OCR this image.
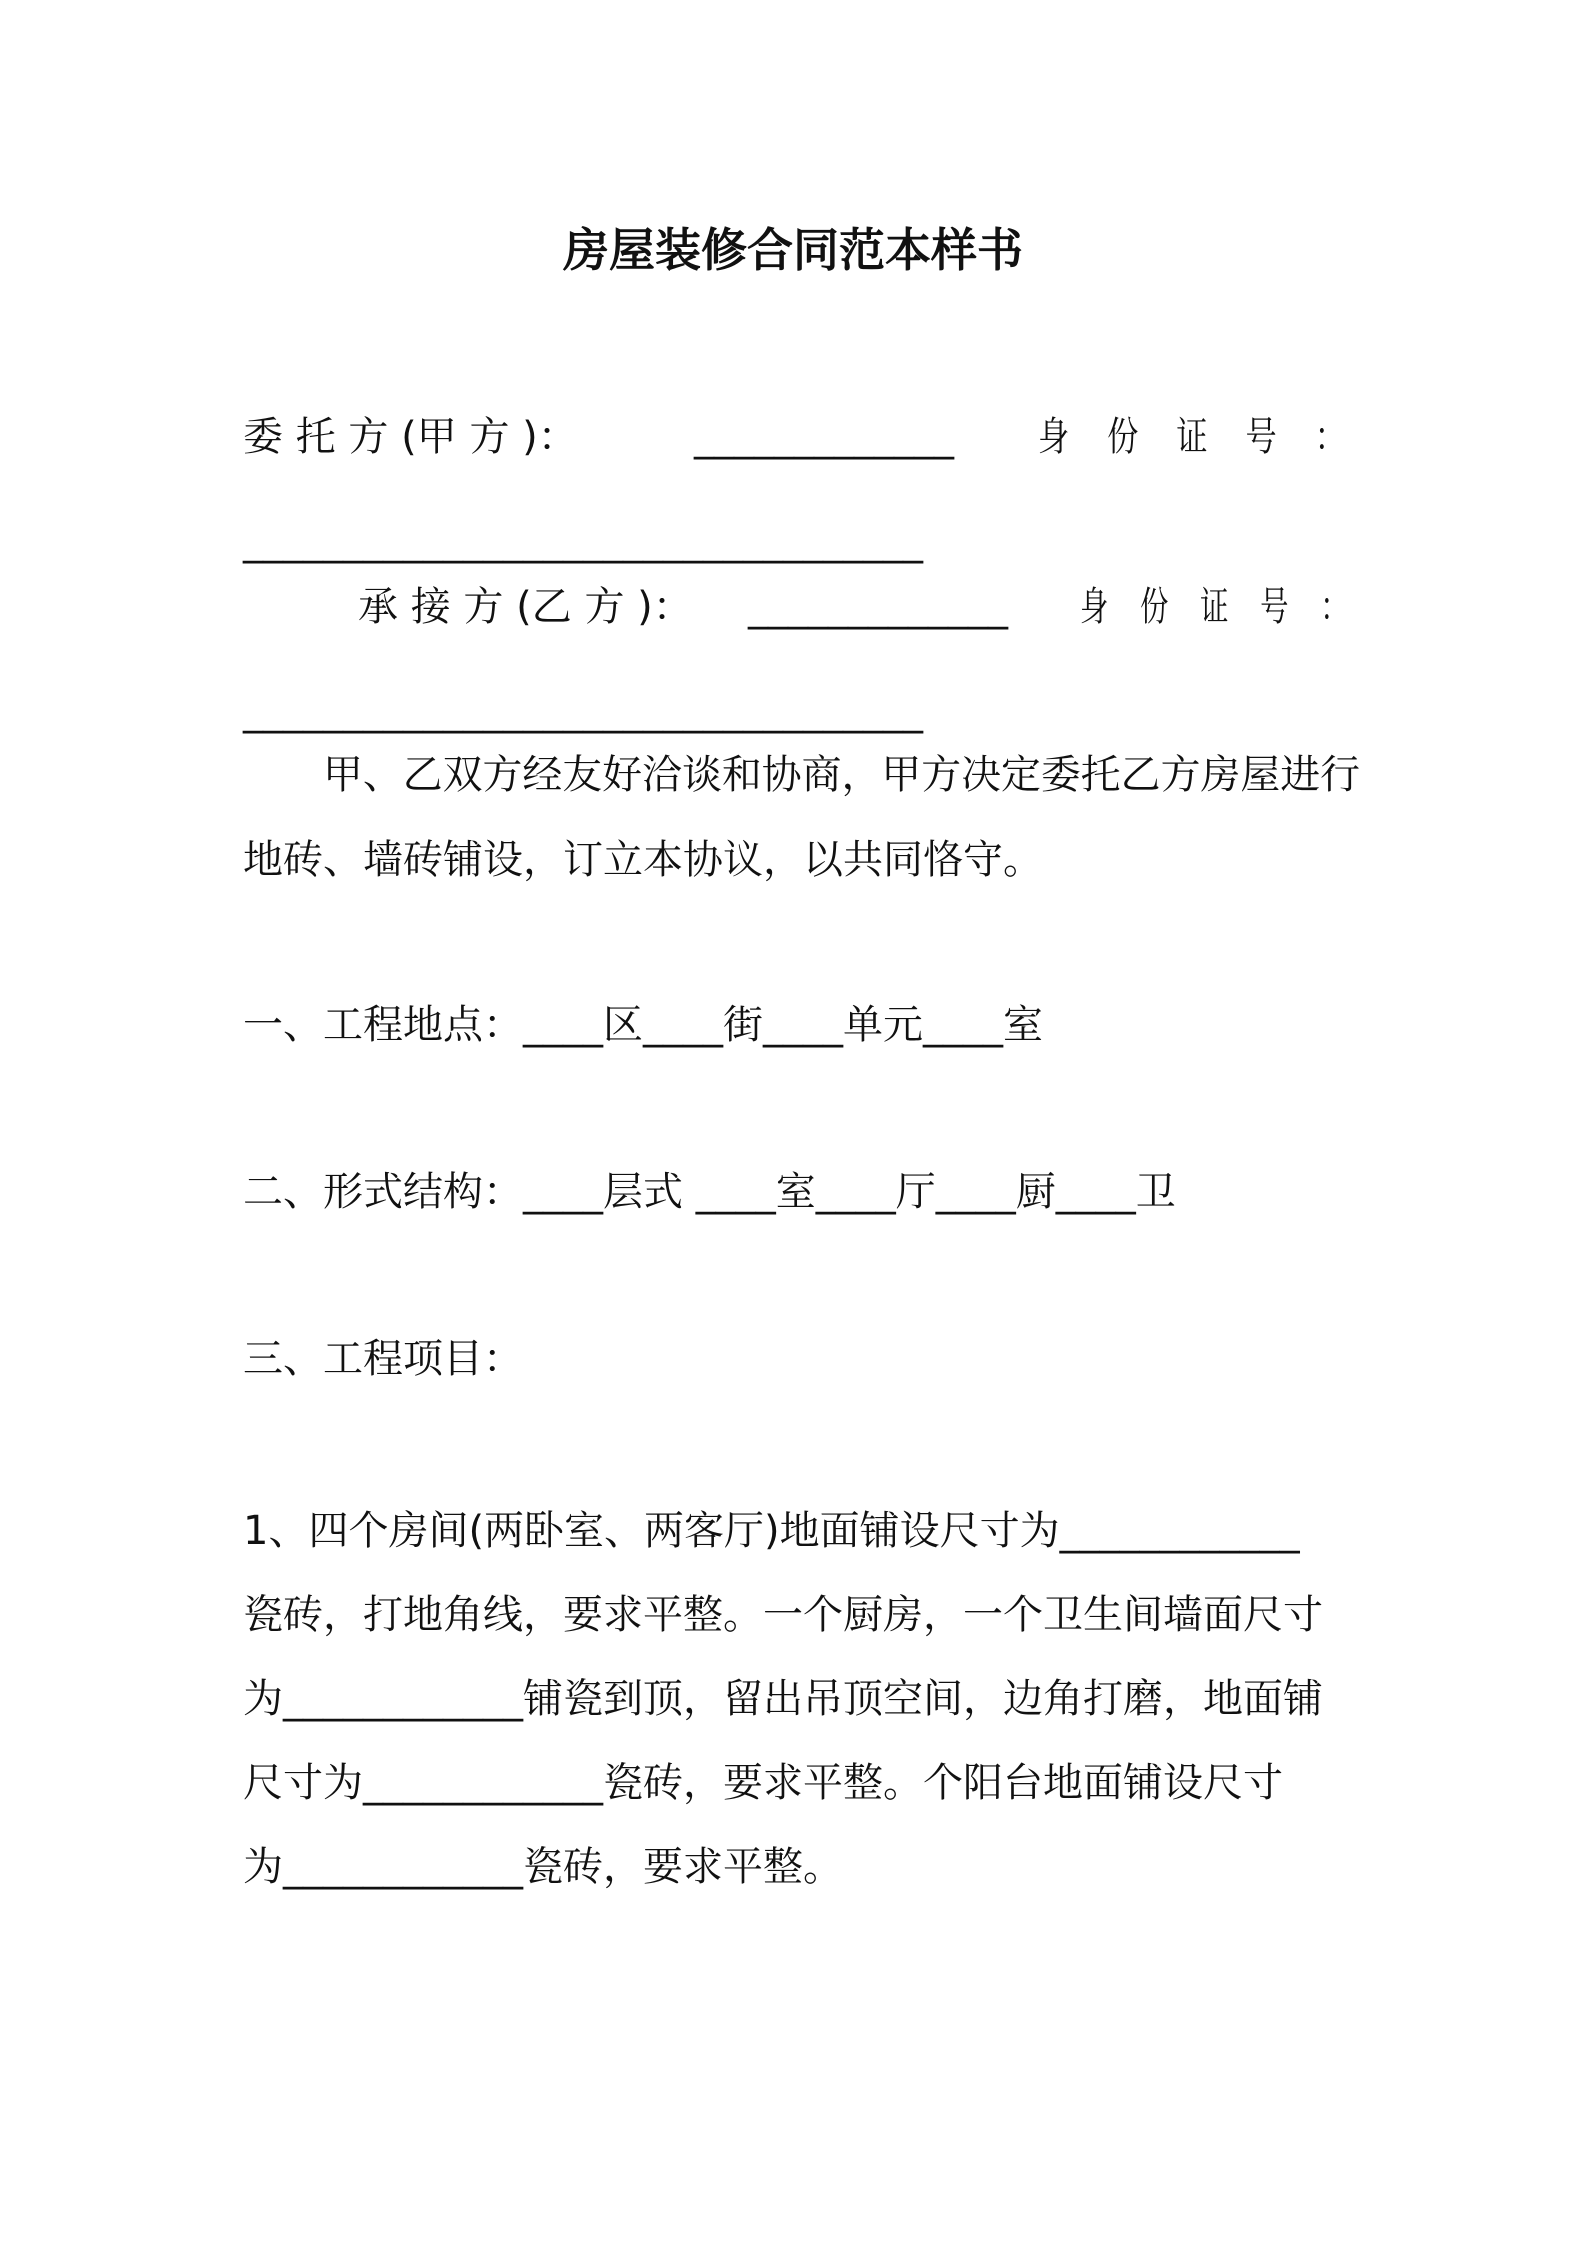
房屋装修合同范本样书
委 托 方 (甲 方 )：	_____________ 身 份 证 号 ：
__________________________________
承 接 方 (乙 方 )： _____________ 身 份 证 号 ：
__________________________________
甲、乙双方经友好洽谈和协商，甲方决定委托乙方房屋进行
地砖、墙砖铺设，订立本协议，以共同恪守。
一、工程地点：____区____街____单元____室
二、形式结构：____层式 ____室____厅____厨____卫
三、工程项目：
1、四个房间(两卧室、两客厅)地面铺设尺寸为____________
瓷砖，打地角线，要求平整。一个厨房，一个卫生间墙面尺寸
为____________铺瓷到顶，留出吊顶空间，边角打磨，地面铺
尺寸为____________瓷砖，要求平整。个阳台地面铺设尺寸
为____________瓷砖，要求平整。
